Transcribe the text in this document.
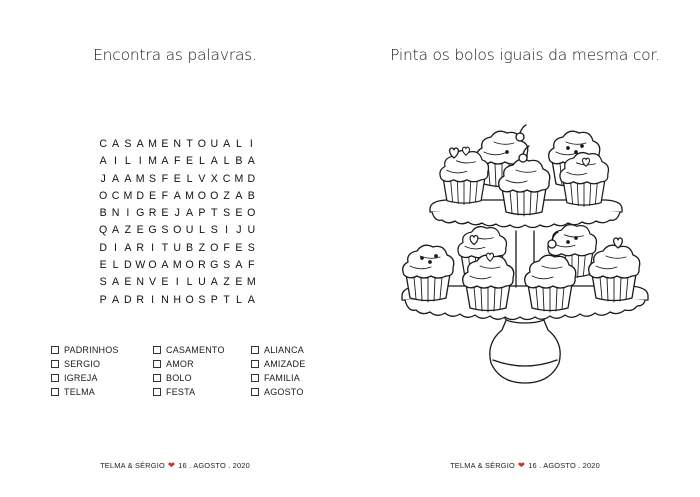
Encontra as palavras.
C A S A M E N T O U A L I
A I L I M A F E L A L B A
J A A M S F E L V X C M D
O C M D E F A M O O Z A B
B N I G R E J A P T S E O
Q A Z E G S O U L S I J U
D I A R I T U B Z O F E S
E L D W O A M O R G S A F
S A E N V E I L U A Z E M
P A D R I N H O S P T L A
PADRINHOS
SERGIO
IGREJA
TELMA
CASAMENTO
AMOR
BOLO
FESTA
ALIANCA
AMIZADE
FAMILIA
AGOSTO
TELMA & SÉRGIO ❤ 16 . AGOSTO . 2020
Pinta os bolos iguais da mesma cor.
TELMA & SÉRGIO ❤ 16 . AGOSTO . 2020
